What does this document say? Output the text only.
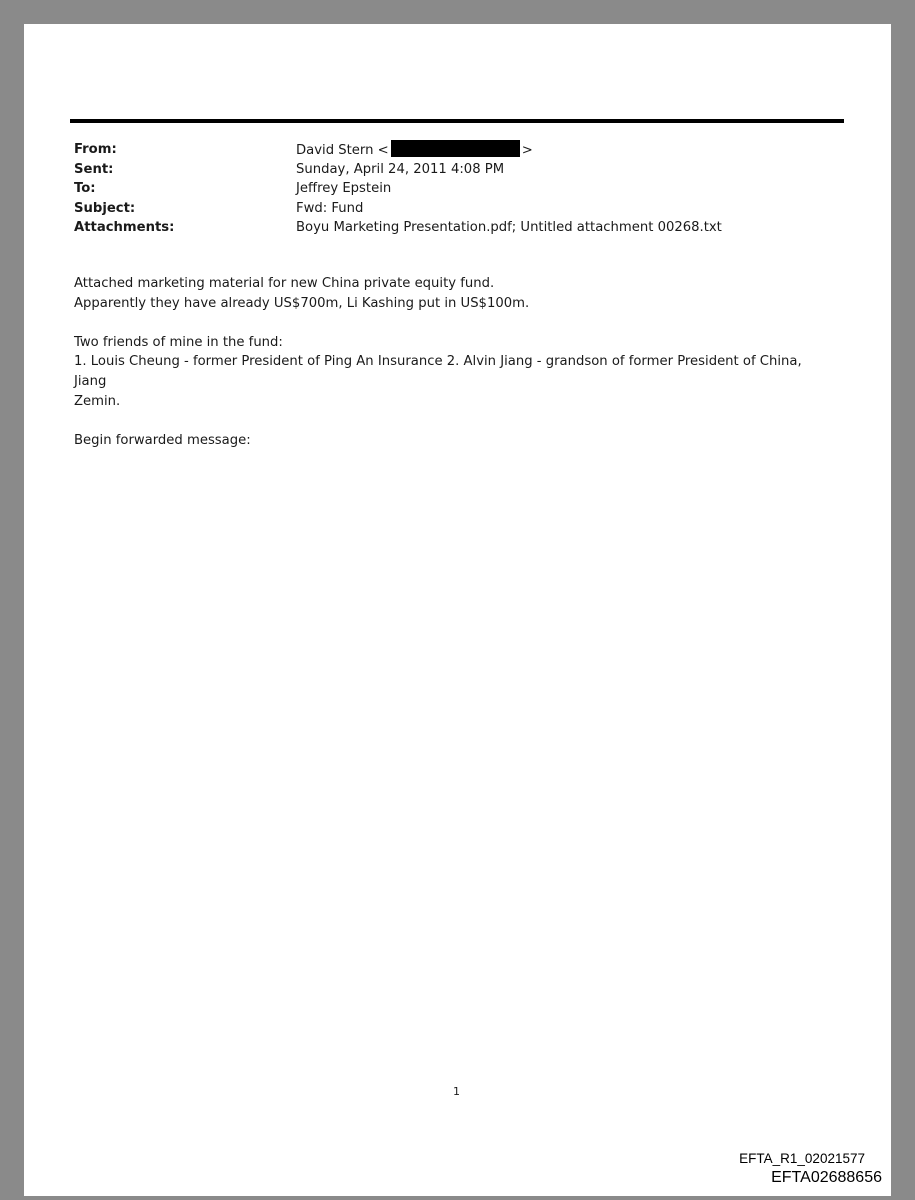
From:	David Stern <	>
Sent:	Sunday, April 24, 2011 4:08 PM
To:	Jeffrey Epstein
Subject:	Fwd: Fund
Attachments:	Boyu Marketing Presentation.pdf; Untitled attachment 00268.txt

Attached marketing material for new China private equity fund.
Apparently they have already US$700m, Li Kashing put in US$100m.

Two friends of mine in the fund:
1. Louis Cheung - former President of Ping An Insurance 2. Alvin Jiang - grandson of former President of China, Jiang
Zemin.

Begin forwarded message:

1
EFTA_R1_02021577
EFTA02688656
